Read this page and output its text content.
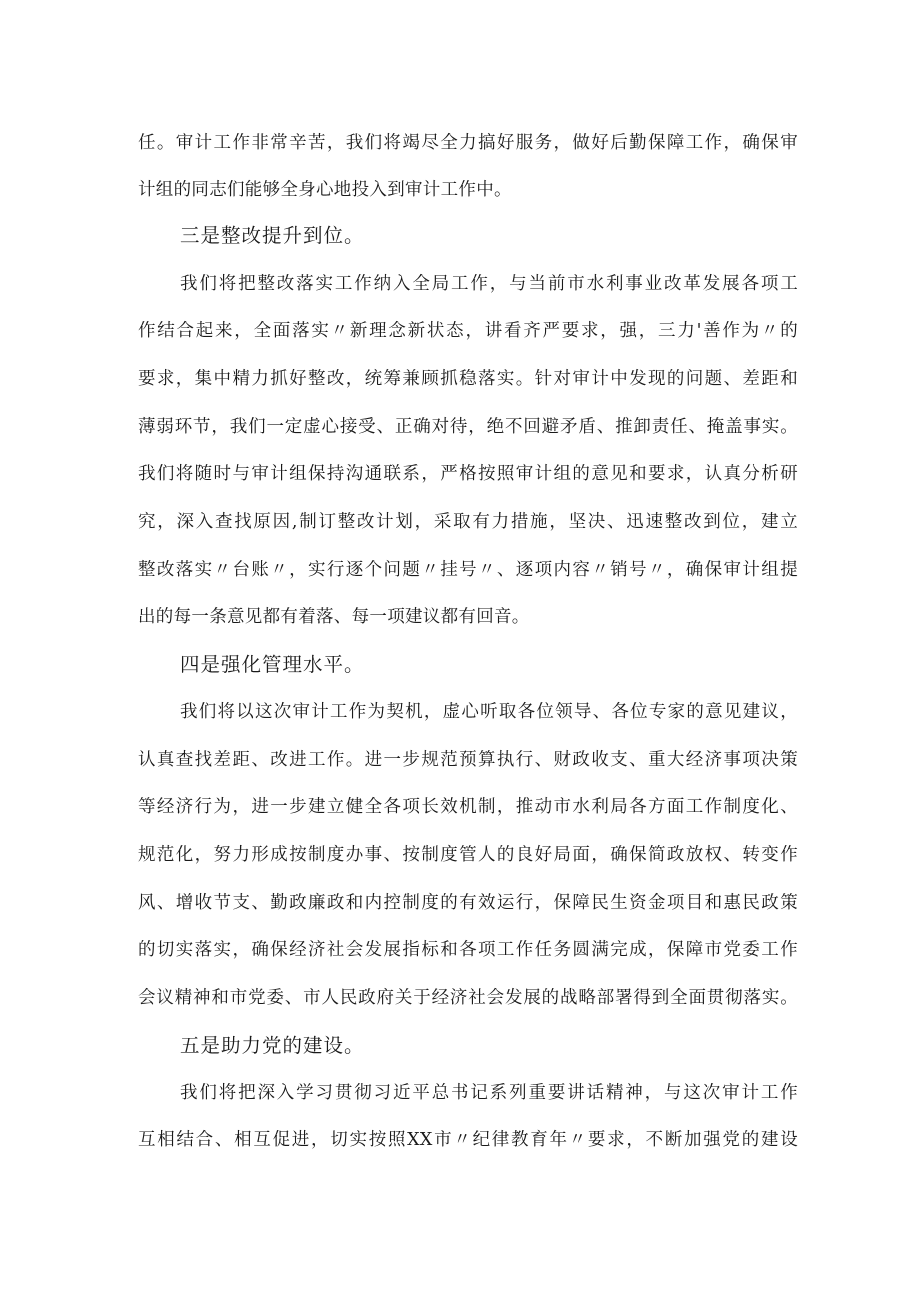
任。审计工作非常辛苦，我们将竭尽全力搞好服务，做好后勤保障工作，确保审
计组的同志们能够全身心地投入到审计工作中。
三是整改提升到位。
我们将把整改落实工作纳入全局工作，与当前市水利事业改革发展各项工
作结合起来，全面落实〃新理念新状态，讲看齐严要求，强，三力'善作为〃的
要求，集中精力抓好整改，统筹兼顾抓稳落实。针对审计中发现的问题、差距和
薄弱环节，我们一定虚心接受、正确对待，绝不回避矛盾、推卸责任、掩盖事实。
我们将随时与审计组保持沟通联系，严格按照审计组的意见和要求，认真分析研
究，深入查找原因,制订整改计划，采取有力措施，坚决、迅速整改到位，建立
整改落实〃台账〃，实行逐个问题〃挂号〃、逐项内容〃销号〃，确保审计组提
出的每一条意见都有着落、每一项建议都有回音。
四是强化管理水平。
我们将以这次审计工作为契机，虚心听取各位领导、各位专家的意见建议，
认真查找差距、改进工作。进一步规范预算执行、财政收支、重大经济事项决策
等经济行为，进一步建立健全各项长效机制，推动市水利局各方面工作制度化、
规范化，努力形成按制度办事、按制度管人的良好局面，确保简政放权、转变作
风、增收节支、勤政廉政和内控制度的有效运行，保障民生资金项目和惠民政策
的切实落实，确保经济社会发展指标和各项工作任务圆满完成，保障市党委工作
会议精神和市党委、市人民政府关于经济社会发展的战略部署得到全面贯彻落实。
五是助力党的建设。
我们将把深入学习贯彻习近平总书记系列重要讲话精神，与这次审计工作
互相结合、相互促进，切实按照XX市〃纪律教育年〃要求，不断加强党的建设
